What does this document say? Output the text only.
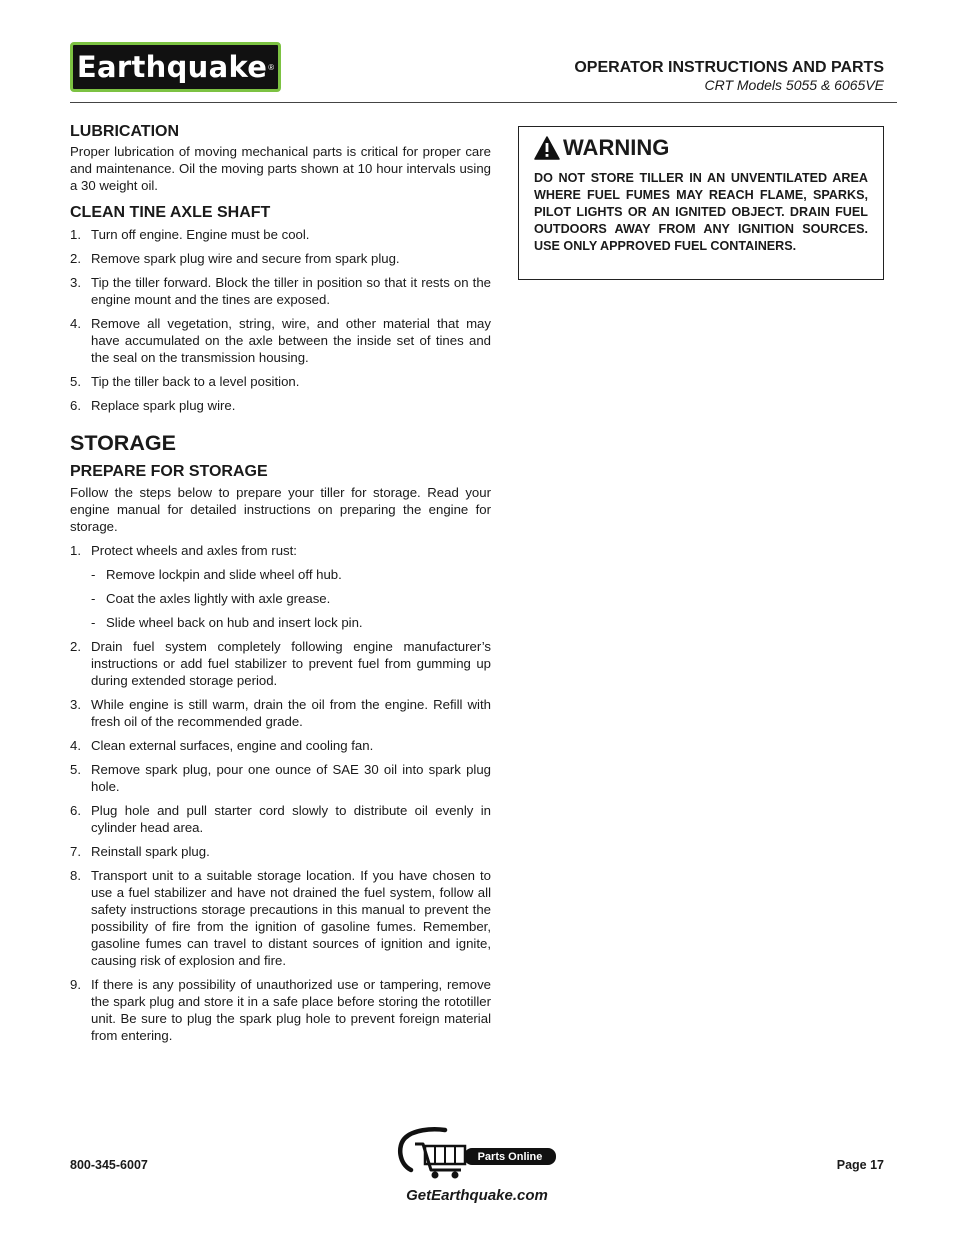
Earthquake ®	OPERATOR INSTRUCTIONS AND PARTS
CRT Models 5055 & 6065VE
LUBRICATION

Proper lubrication of moving mechanical parts is critical for proper care and maintenance. Oil the moving parts shown at 10 hour intervals using a 30 weight oil.

CLEAN TINE AXLE SHAFT
1. Turn off engine. Engine must be cool.
2. Remove spark plug wire and secure from spark plug.
3. Tip the tiller forward. Block the tiller in position so that it rests on the engine mount and the tines are exposed.
4. Remove all vegetation, string, wire, and other material that may have accumulated on the axle between the inside set of tines and the seal on the transmission housing.
5. Tip the tiller back to a level position.
6. Replace spark plug wire.
STORAGE
PREPARE FOR STORAGE

Follow the steps below to prepare your tiller for storage. Read your engine manual for detailed instructions on preparing the engine for storage.

1. Protect wheels and axles from rust:
- Remove lockpin and slide wheel off hub.
- Coat the axles lightly with axle grease.
- Slide wheel back on hub and insert lock pin.
2. Drain fuel system completely following engine manufacturer’s instructions or add fuel stabilizer to prevent fuel from gumming up during extended storage period.
3. While engine is still warm, drain the oil from the engine. Refill with fresh oil of the recommended grade.
4. Clean external surfaces, engine and cooling fan.
5. Remove spark plug, pour one ounce of SAE 30 oil into spark plug hole.
6. Plug hole and pull starter cord slowly to distribute oil evenly in cylinder head area.
7. Reinstall spark plug.
8. Transport unit to a suitable storage location. If you have chosen to use a fuel stabilizer and have not drained the fuel system, follow all safety instructions storage precautions in this manual to prevent the possibility of fire from the ignition of gasoline fumes. Remember, gasoline fumes can travel to distant sources of ignition and ignite, causing risk of explosion and fire.
9. If there is any possibility of unauthorized use or tampering, remove the spark plug and store it in a safe place before storing the rototiller unit. Be sure to plug the spark plug hole to prevent foreign material from entering.
WARNING
DO NOT STORE TILLER IN AN UNVENTILATED AREA WHERE FUEL FUMES MAY REACH FLAME, SPARKS, PILOT LIGHTS OR AN IGNITED OBJECT. DRAIN FUEL OUTDOORS AWAY FROM ANY IGNITION SOURCES. USE ONLY APPROVED FUEL CONTAINERS.
800-345-6007
Parts Online
GetEarthquake.com
Page 17
